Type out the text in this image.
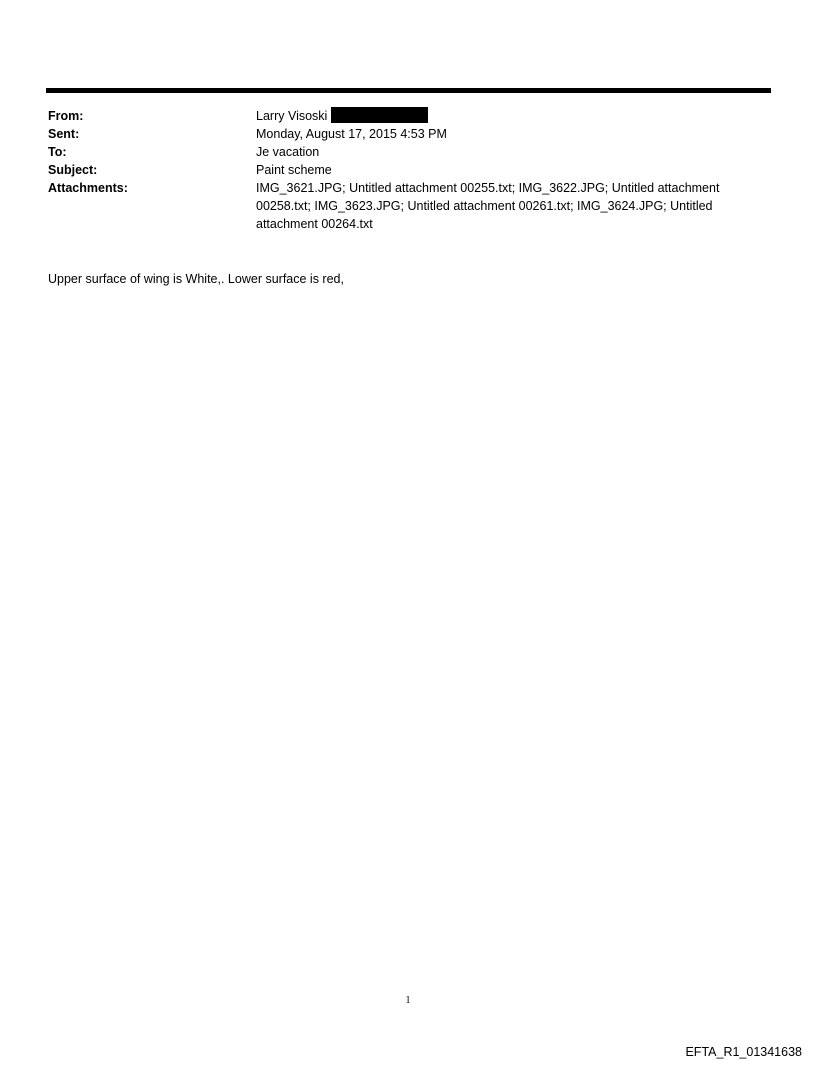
From:	Larry Visoski
Sent:	Monday, August 17, 2015 4:53 PM
To:	Je vacation
Subject:	Paint scheme
Attachments:	IMG_3621.JPG; Untitled attachment 00255.txt; IMG_3622.JPG; Untitled attachment 00258.txt; IMG_3623.JPG; Untitled attachment 00261.txt; IMG_3624.JPG; Untitled attachment 00264.txt
Upper surface of wing is White,. Lower surface is red,
1
EFTA_R1_01341638
